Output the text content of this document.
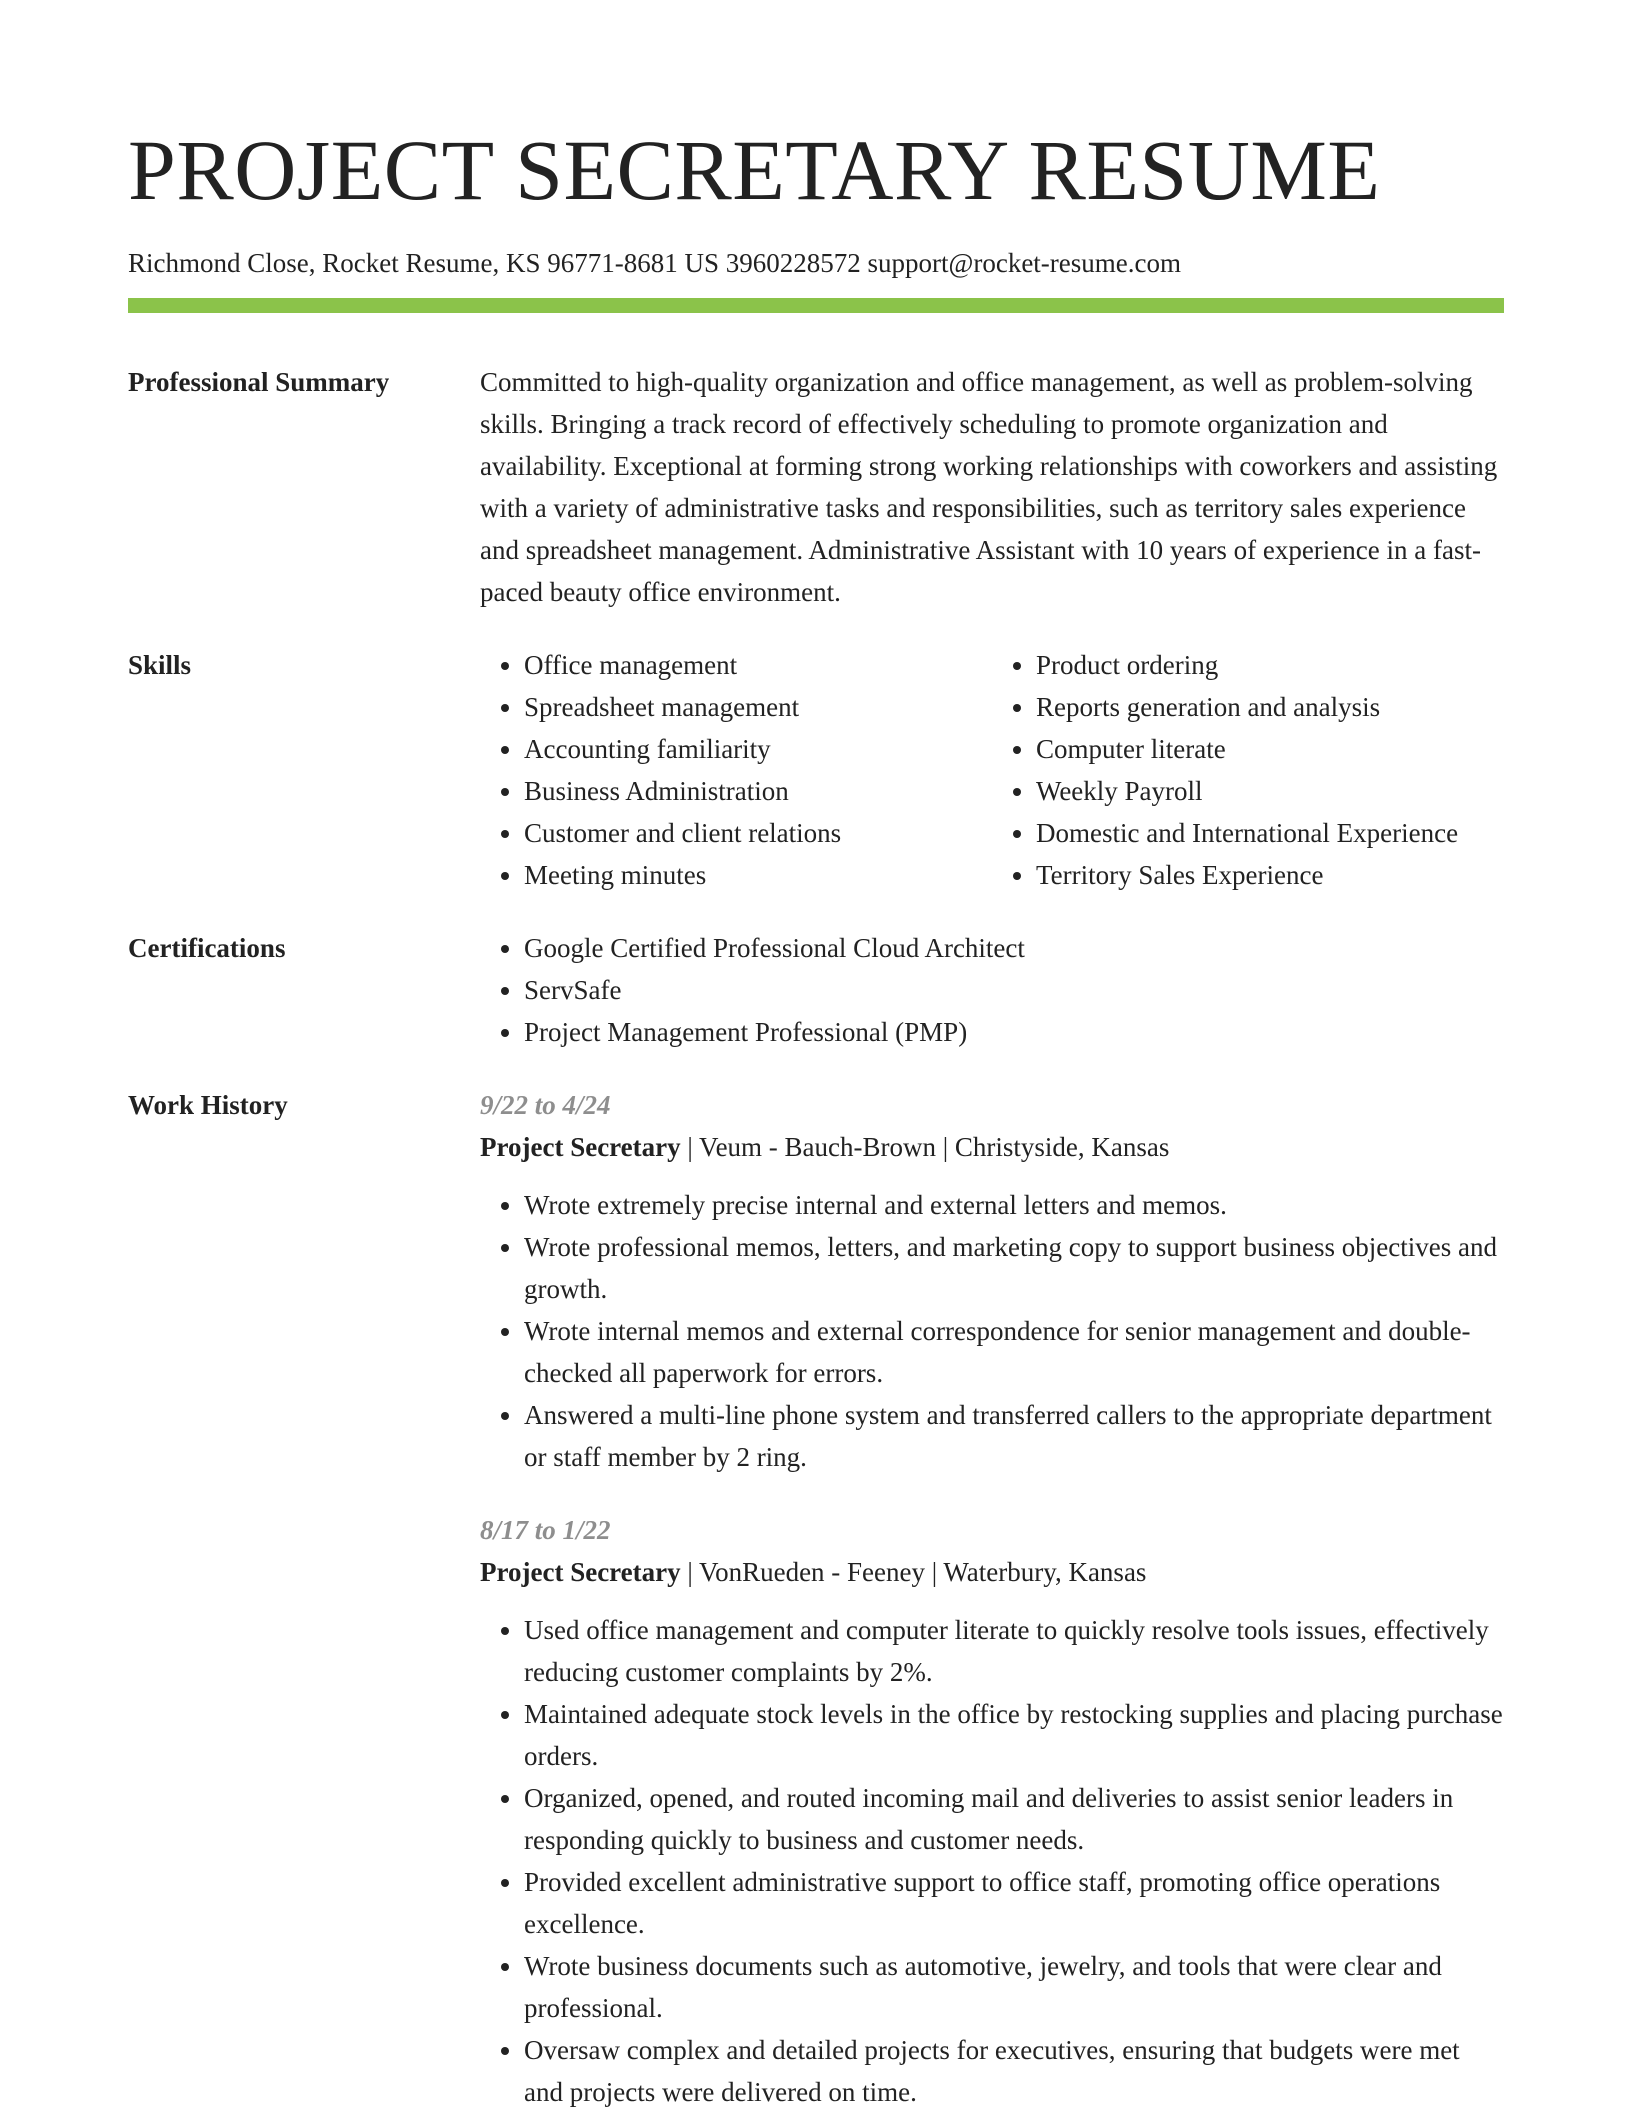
PROJECT SECRETARY RESUME
Richmond Close, Rocket Resume, KS 96771-8681 US 3960228572 support@rocket-resume.com
Professional Summary	Committed to high-quality organization and office management, as well as problem-solving skills. Bringing a track record of effectively scheduling to promote organization and availability. Exceptional at forming strong working relationships with coworkers and assisting with a variety of administrative tasks and responsibilities, such as territory sales experience and spreadsheet management. Administrative Assistant with 10 years of experience in a fast-paced beauty office environment.

Skills	• Office management
• Spreadsheet management
• Accounting familiarity
• Business Administration
• Customer and client relations
• Meeting minutes
• Product ordering
• Reports generation and analysis
• Computer literate
• Weekly Payroll
• Domestic and International Experience
• Territory Sales Experience
Certifications	• Google Certified Professional Cloud Architect
• ServSafe
• Project Management Professional (PMP)
Work History	9/22 to 4/24
Project Secretary | Veum - Bauch-Brown | Christyside, Kansas
• Wrote extremely precise internal and external letters and memos.
• Wrote professional memos, letters, and marketing copy to support business objectives and growth.
• Wrote internal memos and external correspondence for senior management and double-checked all paperwork for errors.
• Answered a multi-line phone system and transferred callers to the appropriate department or staff member by 2 ring.
8/17 to 1/22
Project Secretary | VonRueden - Feeney | Waterbury, Kansas
• Used office management and computer literate to quickly resolve tools issues, effectively reducing customer complaints by 2%.
• Maintained adequate stock levels in the office by restocking supplies and placing purchase orders.
• Organized, opened, and routed incoming mail and deliveries to assist senior leaders in responding quickly to business and customer needs.
• Provided excellent administrative support to office staff, promoting office operations excellence.
• Wrote business documents such as automotive, jewelry, and tools that were clear and professional.
• Oversaw complex and detailed projects for executives, ensuring that budgets were met and projects were delivered on time.
